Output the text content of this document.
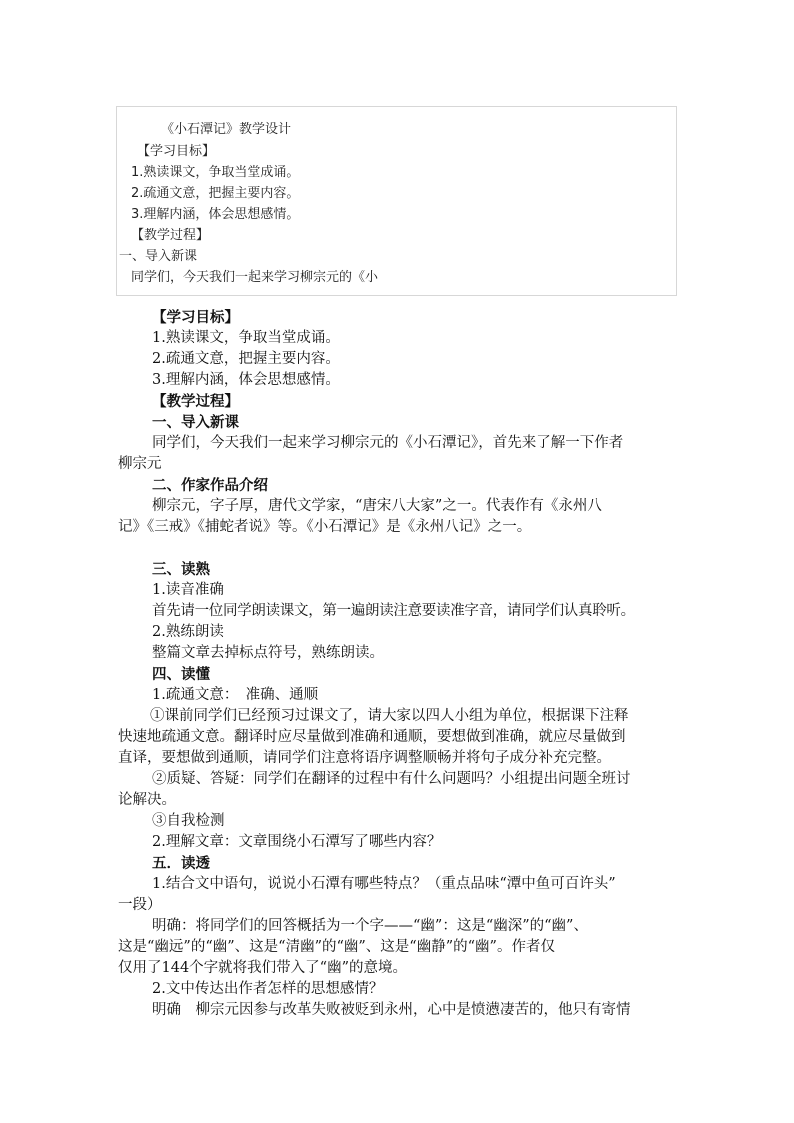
《小石潭记》教学设计
【学习目标】
1.熟读课文，争取当堂成诵。
2.疏通文意，把握主要内容。
3.理解内涵，体会思想感情。
【教学过程】
一、导入新课
同学们，今天我们一起来学习柳宗元的《小
【学习目标】
1.熟读课文，争取当堂成诵。
2.疏通文意，把握主要内容。
3.理解内涵，体会思想感情。
【教学过程】
一、导入新课
同学们，今天我们一起来学习柳宗元的《小石潭记》，首先来了解一下作者
柳宗元
二、作家作品介绍
柳宗元，字子厚，唐代文学家，“唐宋八大家”之一。代表作有《永州八
记》《三戒》《捕蛇者说》等。《小石潭记》是《永州八记》之一。
三、读熟
1.读音准确
首先请一位同学朗读课文，第一遍朗读注意要读准字音，请同学们认真聆听。
2.熟练朗读
整篇文章去掉标点符号，熟练朗读。
四、读懂
1.疏通文意：　准确、通顺
①课前同学们已经预习过课文了，请大家以四人小组为单位，根据课下注释
快速地疏通文意。翻译时应尽量做到准确和通顺，要想做到准确，就应尽量做到
直译，要想做到通顺，请同学们注意将语序调整顺畅并将句子成分补充完整。
②质疑、答疑：同学们在翻译的过程中有什么问题吗？小组提出问题全班讨
论解决。
③自我检测
2.理解文章：文章围绕小石潭写了哪些内容？
五．读透
1.结合文中语句，说说小石潭有哪些特点？（重点品味“潭中鱼可百许头”
一段）
明确：将同学们的回答概括为一个字——“幽”：这是“幽深”的“幽”、
这是“幽远”的“幽”、这是“清幽”的“幽”、这是“幽静”的“幽”。作者仅
仅用了144个字就将我们带入了“幽”的意境。
2.文中传达出作者怎样的思想感情？
明确　柳宗元因参与改革失败被贬到永州，心中是愤懑凄苦的，他只有寄情
